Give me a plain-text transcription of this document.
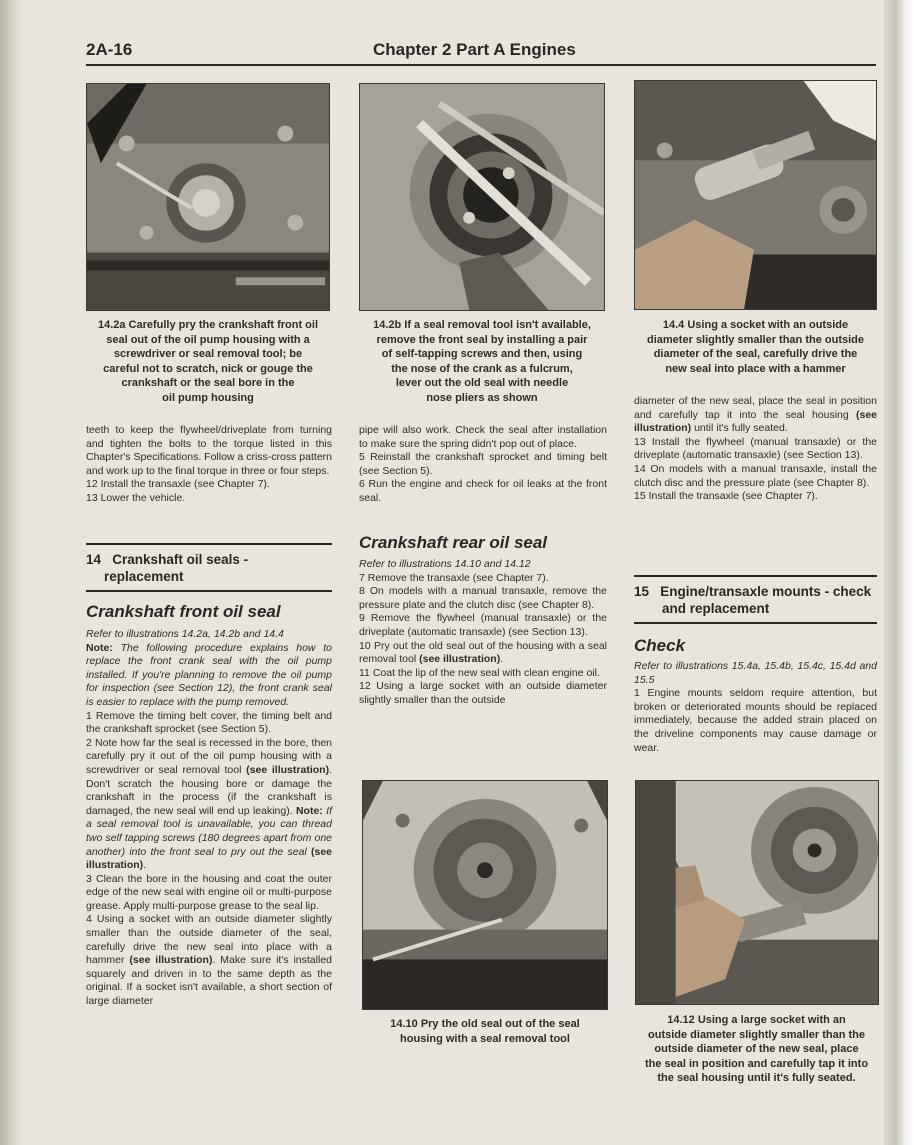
2A-16	Chapter 2 Part A Engines
14.2a Carefully pry the crankshaft front oil
seal out of the oil pump housing with a
screwdriver or seal removal tool; be
careful not to scratch, nick or gouge the
crankshaft or the seal bore in the
oil pump housing
14.2b If a seal removal tool isn't available,
remove the front seal by installing a pair
of self-tapping screws and then, using
the nose of the crank as a fulcrum,
lever out the old seal with needle
nose pliers as shown
14.4 Using a socket with an outside
diameter slightly smaller than the outside
diameter of the seal, carefully drive the
new seal into place with a hammer

teeth to keep the flywheel/driveplate from turning and tighten the bolts to the torque listed in this Chapter's Specifications. Follow a criss-cross pattern and work up to the final torque in three or four steps.

12 Install the transaxle (see Chapter 7).

13 Lower the vehicle.

14 Crankshaft oil seals -
replacement
Crankshaft front oil seal

Refer to illustrations 14.2a, 14.2b and 14.4

Note: The following procedure explains how to replace the front crank seal with the oil pump installed. If you're planning to remove the oil pump for inspection (see Section 12), the front crank seal is easier to replace with the pump removed.

1 Remove the timing belt cover, the timing belt and the crankshaft sprocket (see Section 5).

2 Note how far the seal is recessed in the bore, then carefully pry it out of the oil pump housing with a screwdriver or seal removal tool (see illustration). Don't scratch the housing bore or damage the crankshaft in the process (if the crankshaft is damaged, the new seal will end up leaking). Note: If a seal removal tool is unavailable, you can thread two self tapping screws (180 degrees apart from one another) into the front seal to pry out the seal (see illustration).

3 Clean the bore in the housing and coat the outer edge of the new seal with engine oil or multi-purpose grease. Apply multi-purpose grease to the seal lip.

4 Using a socket with an outside diameter slightly smaller than the outside diameter of the seal, carefully drive the new seal into place with a hammer (see illustration). Make sure it's installed squarely and driven in to the same depth as the original. If a socket isn't available, a short section of large diameter

pipe will also work. Check the seal after installation to make sure the spring didn't pop out of place.

5 Reinstall the crankshaft sprocket and timing belt (see Section 5).

6 Run the engine and check for oil leaks at the front seal.

Crankshaft rear oil seal

Refer to illustrations 14.10 and 14.12

7 Remove the transaxle (see Chapter 7).

8 On models with a manual transaxle, remove the pressure plate and the clutch disc (see Chapter 8).

9 Remove the flywheel (manual transaxle) or the driveplate (automatic transaxle) (see Section 13).

10 Pry out the old seal out of the housing with a seal removal tool (see illustration).

11 Coat the lip of the new seal with clean engine oil.

12 Using a large socket with an outside diameter slightly smaller than the outside

14.10 Pry the old seal out of the seal
housing with a seal removal tool

diameter of the new seal, place the seal in position and carefully tap it into the seal housing (see illustration) until it's fully seated.

13 Install the flywheel (manual transaxle) or the driveplate (automatic transaxle) (see Section 13).

14 On models with a manual transaxle, install the clutch disc and the pressure plate (see Chapter 8).

15 Install the transaxle (see Chapter 7).

15 Engine/transaxle mounts - check
and replacement
Check

Refer to illustrations 15.4a, 15.4b, 15.4c, 15.4d and 15.5

1 Engine mounts seldom require attention, but broken or deteriorated mounts should be replaced immediately, because the added strain placed on the driveline components may cause damage or wear.

14.12 Using a large socket with an
outside diameter slightly smaller than the
outside diameter of the new seal, place
the seal in position and carefully tap it into
the seal housing until it's fully seated.
